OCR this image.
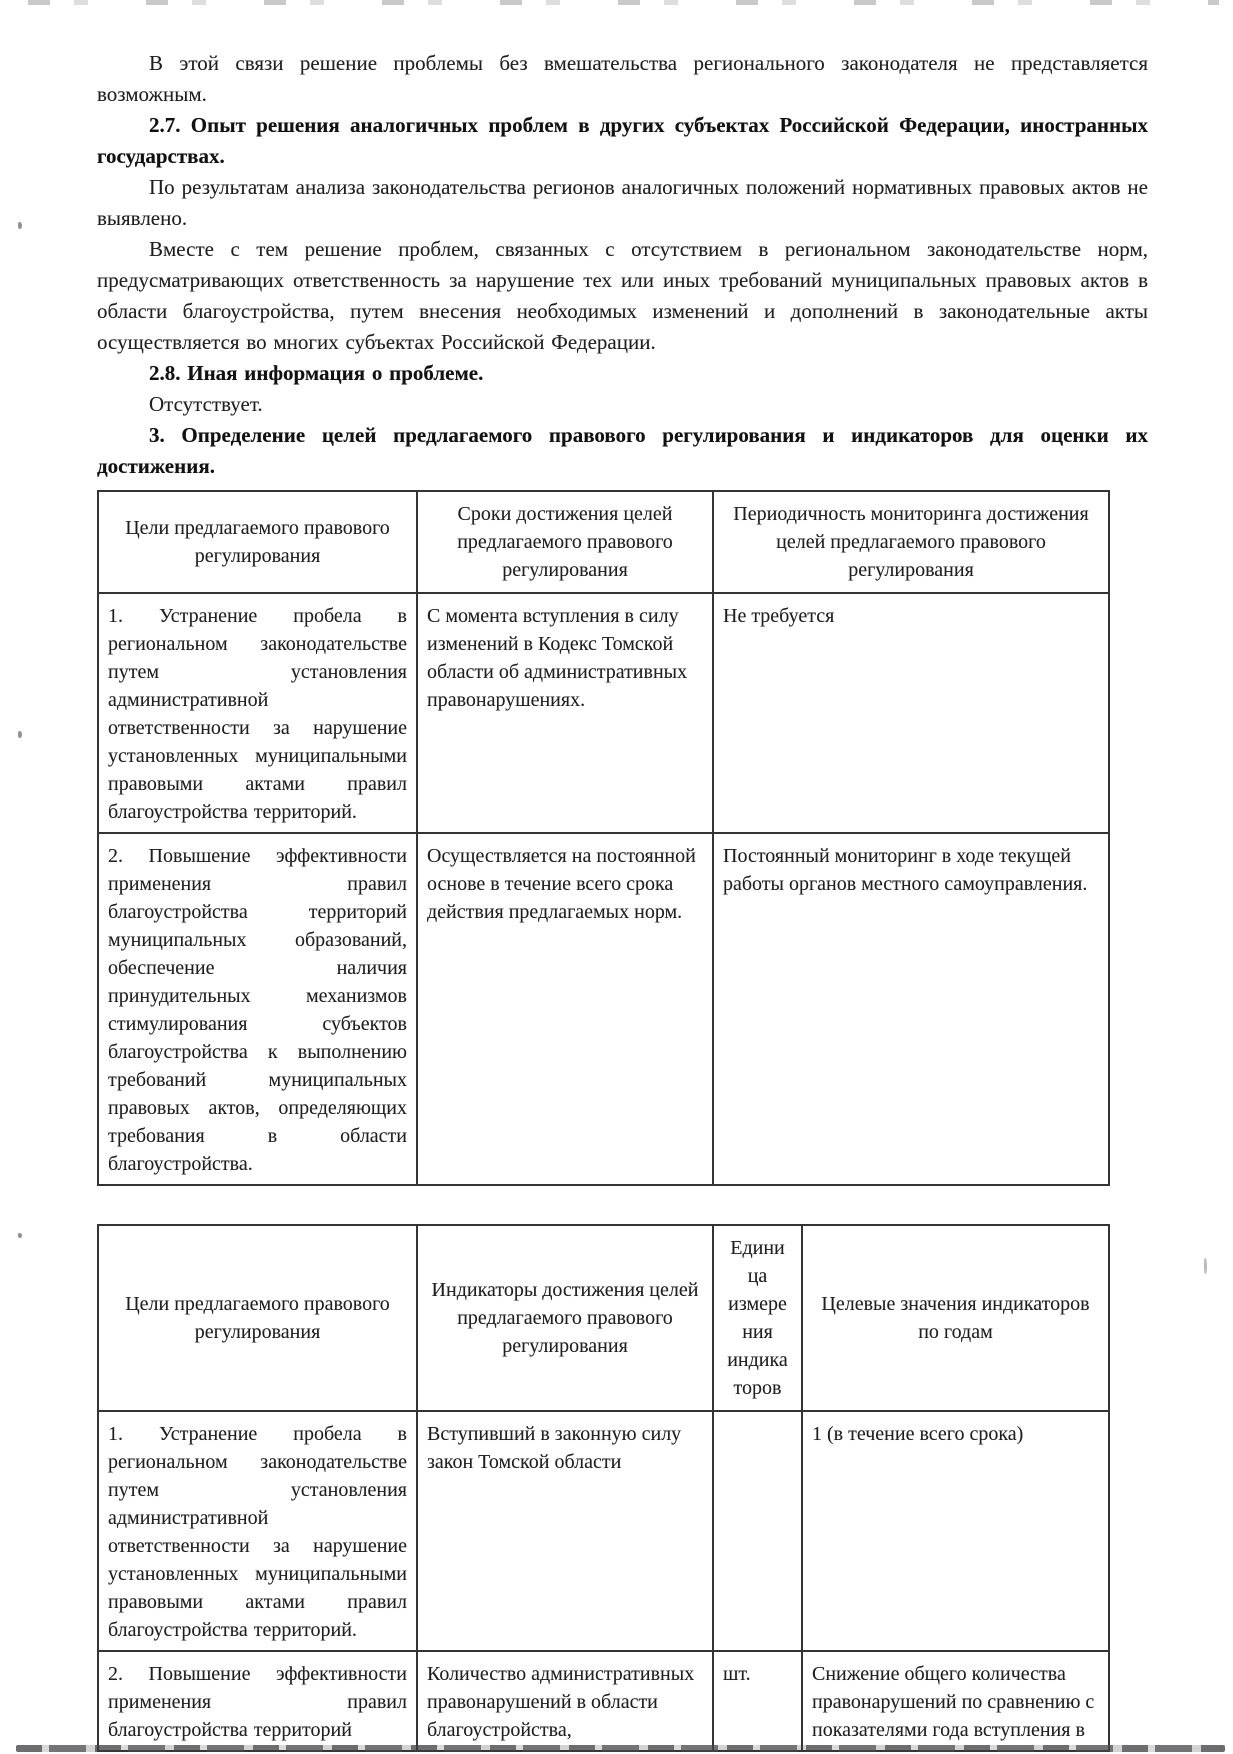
В этой связи решение проблемы без вмешательства регионального законодателя не представляется возможным.

2.7. Опыт решения аналогичных проблем в других субъектах Российской Федерации, иностранных государствах.

По результатам анализа законодательства регионов аналогичных положений нормативных правовых актов не выявлено.

Вместе с тем решение проблем, связанных с отсутствием в региональном законодательстве норм, предусматривающих ответственность за нарушение тех или иных требований муниципальных правовых актов в области благоустройства, путем внесения необходимых изменений и дополнений в законодательные акты осуществляется во многих субъектах Российской Федерации.

2.8. Иная информация о проблеме.

Отсутствует.

3. Определение целей предлагаемого правового регулирования и индикаторов для оценки их достижения.

Цели предлагаемого правового регулирования	Сроки достижения целей предлагаемого правового регулирования	Периодичность мониторинга достижения целей предлагаемого правового регулирования
1. Устранение пробела в региональном законодательстве путем установления административной ответственности за нарушение установленных муниципальными правовыми актами правил благоустройства территорий.	С момента вступления в силу изменений в Кодекс Томской области об административных правонарушениях.	Не требуется
2. Повышение эффективности применения правил благоустройства территорий муниципальных образований, обеспечение наличия принудительных механизмов стимулирования субъектов благоустройства к выполнению требований муниципальных правовых актов, определяющих требования в области благоустройства.	Осуществляется на постоянной основе в течение всего срока действия предлагаемых норм.	Постоянный мониторинг в ходе текущей работы органов местного самоуправления.
Цели предлагаемого правового регулирования	Индикаторы достижения целей предлагаемого правового регулирования	Единица измерения индикаторов	Целевые значения индикаторов по годам
1. Устранение пробела в региональном законодательстве путем установления административной ответственности за нарушение установленных муниципальными правовыми актами правил благоустройства территорий.	Вступивший в законную силу закон Томской области		1 (в течение всего срока)
2. Повышение эффективности применения правил благоустройства территорий	Количество административных правонарушений в области благоустройства,	шт.	Снижение общего количества правонарушений по сравнению с показателями года вступления в
